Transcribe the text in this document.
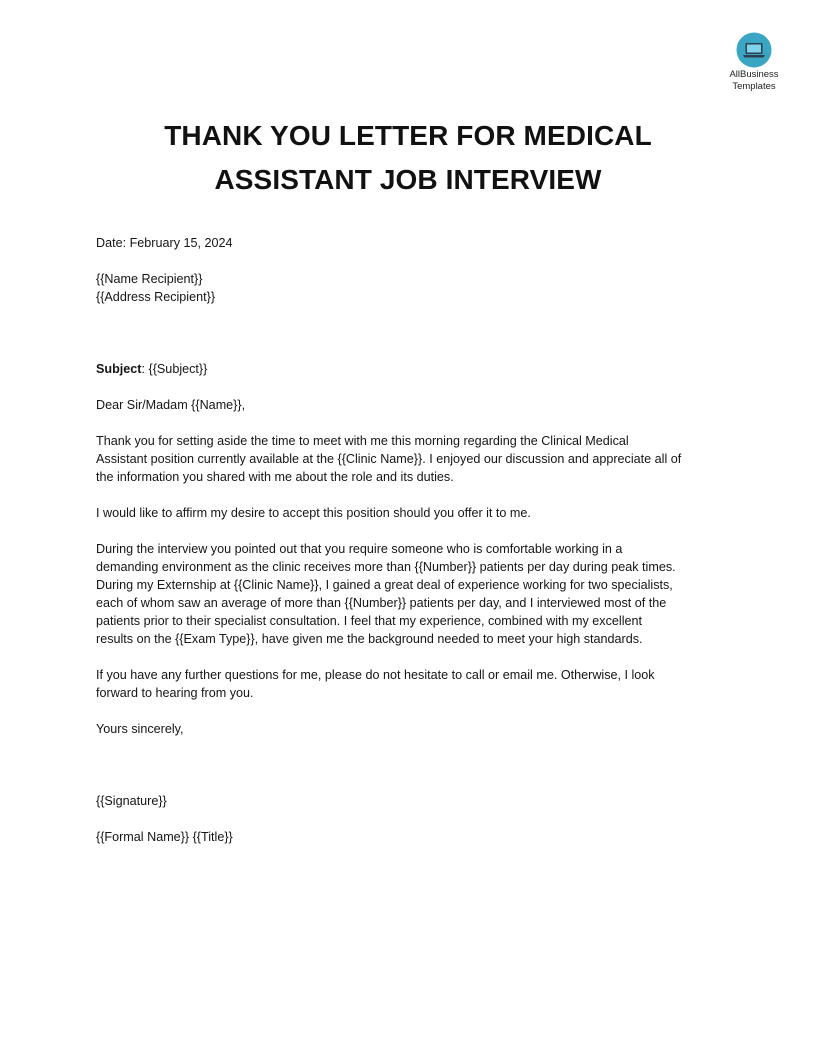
AllBusiness
Templates
THANK YOU LETTER FOR MEDICAL
ASSISTANT JOB INTERVIEW

Date: February 15, 2024

{{Name Recipient}}

{{Address Recipient}}

Subject: {{Subject}}

Dear Sir/Madam {{Name}},

Thank you for setting aside the time to meet with me this morning regarding the Clinical Medical

Assistant position currently available at the {{Clinic Name}}. I enjoyed our discussion and appreciate all of

the information you shared with me about the role and its duties.

I would like to affirm my desire to accept this position should you offer it to me.

During the interview you pointed out that you require someone who is comfortable working in a

demanding environment as the clinic receives more than {{Number}} patients per day during peak times.

During my Externship at {{Clinic Name}}, I gained a great deal of experience working for two specialists,

each of whom saw an average of more than {{Number}} patients per day, and I interviewed most of the

patients prior to their specialist consultation. I feel that my experience, combined with my excellent

results on the {{Exam Type}}, have given me the background needed to meet your high standards.

If you have any further questions for me, please do not hesitate to call or email me. Otherwise, I look

forward to hearing from you.

Yours sincerely,

{{Signature}}

{{Formal Name}} {{Title}}
